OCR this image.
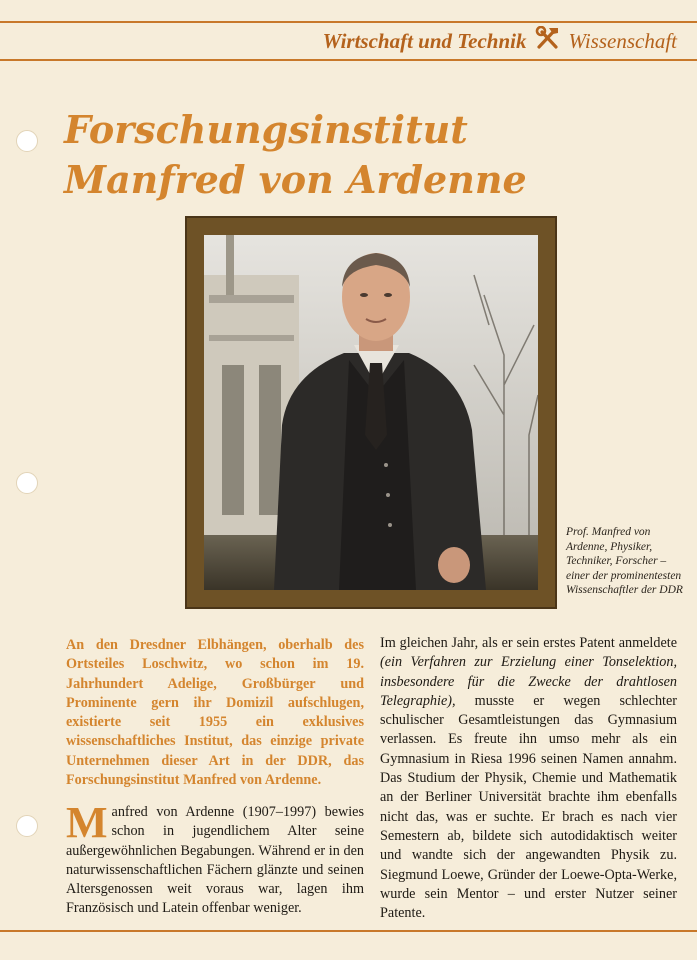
Wirtschaft und Technik Wissenschaft
Forschungsinstitut
Manfred von Ardenne
Prof. Manfred von Ardenne, Physiker, Techniker, Forscher – einer der prominentesten Wissenschaftler der DDR
An den Dresdner Elbhängen, oberhalb des Ortsteiles Loschwitz, wo schon im 19. Jahrhundert Adelige, Großbürger und Prominente gern ihr Domizil aufschlugen, existierte seit 1955 ein exklusives wissenschaftliches Institut, das einzige private Unternehmen dieser Art in der DDR, das Forschungsinstitut Manfred von Ardenne.
M anfred von Ardenne (1907–1997) bewies schon in jugendlichem Alter seine außergewöhnlichen Begabungen. Während er in den naturwissenschaftlichen Fächern glänzte und seinen Altersgenossen weit voraus war, lagen ihm Französisch und Latein offenbar weniger.
Im gleichen Jahr, als er sein erstes Patent anmeldete (ein Verfahren zur Erzielung einer Tonselektion, insbesondere für die Zwecke der drahtlosen Telegraphie), musste er wegen schlechter schulischer Gesamtleistungen das Gymnasium verlassen. Es freute ihn umso mehr als ein Gymnasium in Riesa 1996 seinen Namen annahm. Das Studium der Physik, Chemie und Mathematik an der Berliner Universität brachte ihm ebenfalls nicht das, was er suchte. Er brach es nach vier Semestern ab, bildete sich autodidaktisch weiter und wandte sich der angewandten Physik zu. Siegmund Loewe, Gründer der Loewe-Opta-Werke, wurde sein Mentor – und erster Nutzer seiner Patente.
